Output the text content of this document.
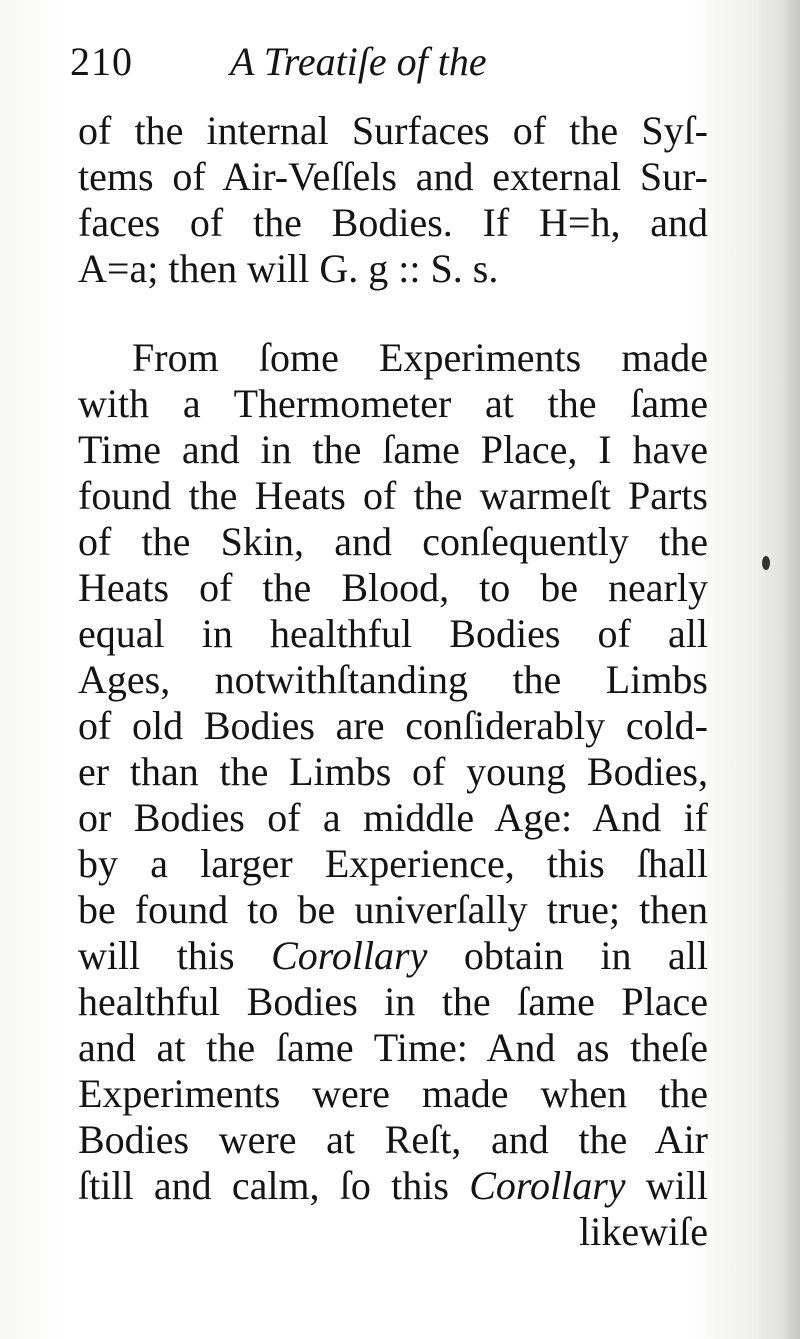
210 A Treatiſe of the
of the internal Surfaces of the Syſ-
tems of Air-Veſſels and external Sur-
faces of the Bodies. If H=h, and
A=a; then will G. g :: S. s.
From ſome Experiments made
with a Thermometer at the ſame
Time and in the ſame Place, I have
found the Heats of the warmeſt Parts
of the Skin, and conſequently the
Heats of the Blood, to be nearly
equal in healthful Bodies of all
Ages, notwithſtanding the Limbs
of old Bodies are conſiderably cold-
er than the Limbs of young Bodies,
or Bodies of a middle Age: And if
by a larger Experience, this ſhall
be found to be univerſally true; then
will this Corollary obtain in all
healthful Bodies in the ſame Place
and at the ſame Time: And as theſe
Experiments were made when the
Bodies were at Reſt, and the Air
ſtill and calm, ſo this Corollary will
likewiſe
